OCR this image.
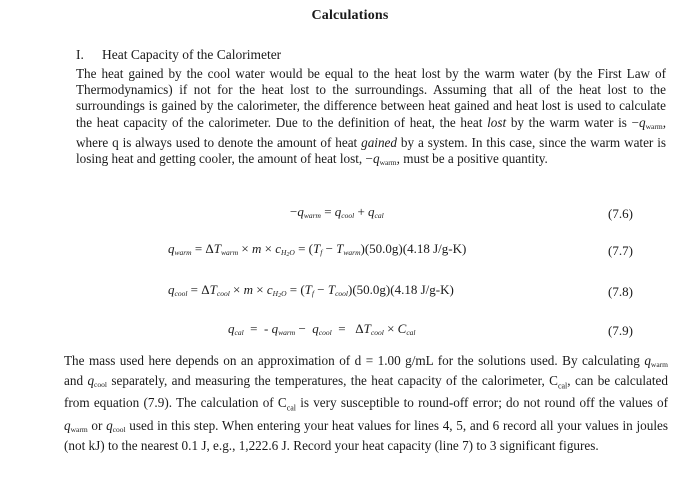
Calculations
I. Heat Capacity of the Calorimeter
The heat gained by the cool water would be equal to the heat lost by the warm water (by the First Law of Thermodynamics) if not for the heat lost to the surroundings. Assuming that all of the heat lost to the surroundings is gained by the calorimeter, the difference between heat gained and heat lost is used to calculate the heat capacity of the calorimeter. Due to the definition of heat, the heat lost by the warm water is $-q_{warm}$, where q is always used to denote the amount of heat gained by a system. In this case, since the warm water is losing heat and getting cooler, the amount of heat lost, $-q_{warm}$, must be a positive quantity.
$-q_{warm} = q_{cool} + q_{cal}$	(7.6)
$q_{warm} = \Delta T_{warm} \times m \times c_{H_2O} = (T_f - T_{warm})(50.0g)(4.18$ J/g-K)	(7.7)
$q_{cool} = \Delta T_{cool} \times m \times c_{H_2O} = (T_f - T_{cool})(50.0g)(4.18$ J/g-K)	(7.8)
$q_{cal}$  =  - $q_{warm} - q_{cool} = \Delta T_{cool} \times C_{cal}$	(7.9)
The mass used here depends on an approximation of d = 1.00 g/mL for the solutions used. By calculating $q_{warm}$ and $q_{cool}$ separately, and measuring the temperatures, the heat capacity of the calorimeter, $C_{cal}$, can be calculated from equation (7.9). The calculation of $C_{cal}$ is very susceptible to round-off error; do not round off the values of $q_{warm}$ or $q_{cool}$ used in this step. When entering your heat values for lines 4, 5, and 6 record all your values in joules (not kJ) to the nearest 0.1 J, e.g., 1,222.6 J. Record your heat capacity (line 7) to 3 significant figures.
